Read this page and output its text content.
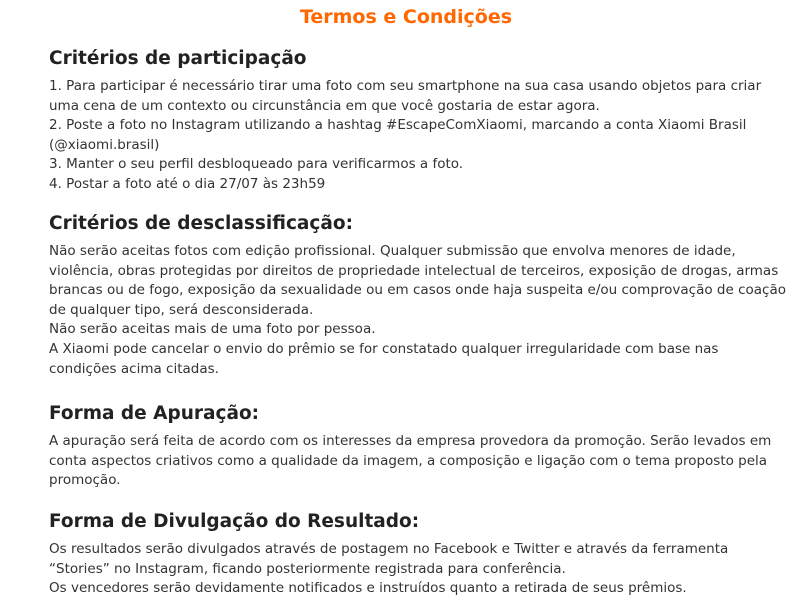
Termos e Condições
Critérios de participação
1. Para participar é necessário tirar uma foto com seu smartphone na sua casa usando objetos para criar
uma cena de um contexto ou circunstância em que você gostaria de estar agora.
2. Poste a foto no Instagram utilizando a hashtag #EscapeComXiaomi, marcando a conta Xiaomi Brasil
(@xiaomi.brasil)
3. Manter o seu perfil desbloqueado para verificarmos a foto.
4. Postar a foto até o dia 27/07 às 23h59
Critérios de desclassificação:
Não serão aceitas fotos com edição profissional. Qualquer submissão que envolva menores de idade,
violência, obras protegidas por direitos de propriedade intelectual de terceiros, exposição de drogas, armas
brancas ou de fogo, exposição da sexualidade ou em casos onde haja suspeita e/ou comprovação de coação
de qualquer tipo, será desconsiderada.
Não serão aceitas mais de uma foto por pessoa.
A Xiaomi pode cancelar o envio do prêmio se for constatado qualquer irregularidade com base nas
condições acima citadas.
Forma de Apuração:
A apuração será feita de acordo com os interesses da empresa provedora da promoção. Serão levados em
conta aspectos criativos como a qualidade da imagem, a composição e ligação com o tema proposto pela
promoção.
Forma de Divulgação do Resultado:
Os resultados serão divulgados através de postagem no Facebook e Twitter e através da ferramenta
“Stories” no Instagram, ficando posteriormente registrada para conferência.
Os vencedores serão devidamente notificados e instruídos quanto a retirada de seus prêmios.
